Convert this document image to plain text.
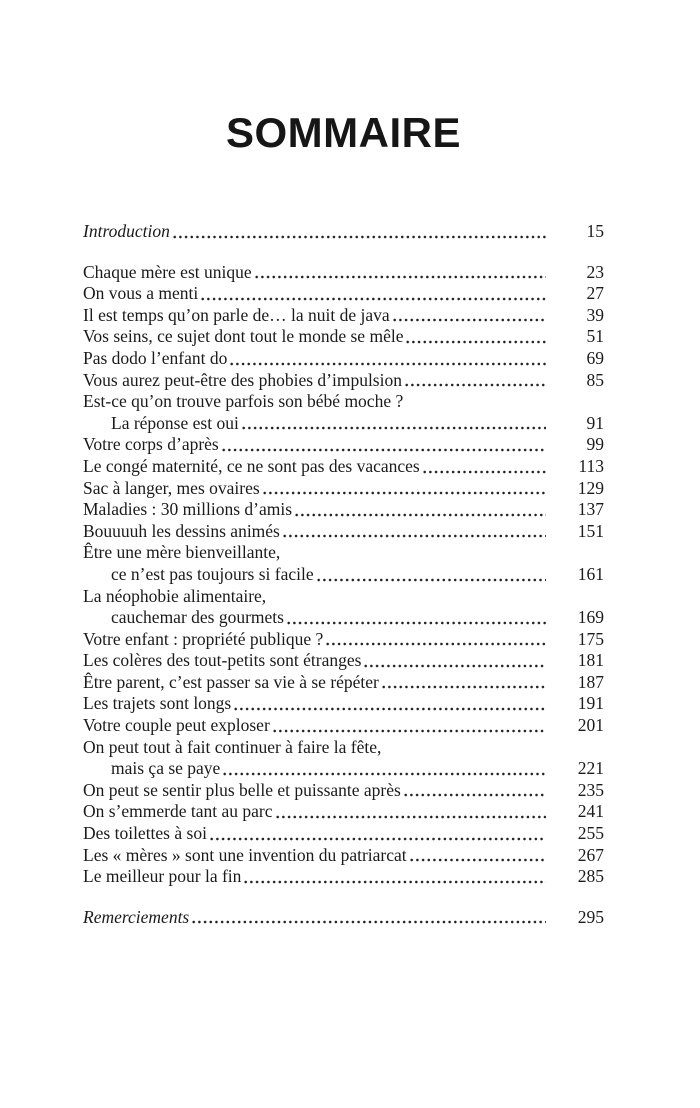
SOMMAIRE
Introduction	15
Chaque mère est unique	23
On vous a menti	27
Il est temps qu’on parle de… la nuit de java	39
Vos seins, ce sujet dont tout le monde se mêle	51
Pas dodo l’enfant do	69
Vous aurez peut-être des phobies d’impulsion	85
Est-ce qu’on trouve parfois son bébé moche ?
La réponse est oui	91
Votre corps d’après	99
Le congé maternité, ce ne sont pas des vacances	113
Sac à langer, mes ovaires	129
Maladies : 30 millions d’amis	137
Bouuuuh les dessins animés	151
Être une mère bienveillante,
ce n’est pas toujours si facile	161
La néophobie alimentaire,
cauchemar des gourmets	169
Votre enfant : propriété publique ?	175
Les colères des tout-petits sont étranges	181
Être parent, c’est passer sa vie à se répéter	187
Les trajets sont longs	191
Votre couple peut exploser	201
On peut tout à fait continuer à faire la fête,
mais ça se paye	221
On peut se sentir plus belle et puissante après	235
On s’emmerde tant au parc	241
Des toilettes à soi	255
Les « mères » sont une invention du patriarcat	267
Le meilleur pour la fin	285
Remerciements	295
